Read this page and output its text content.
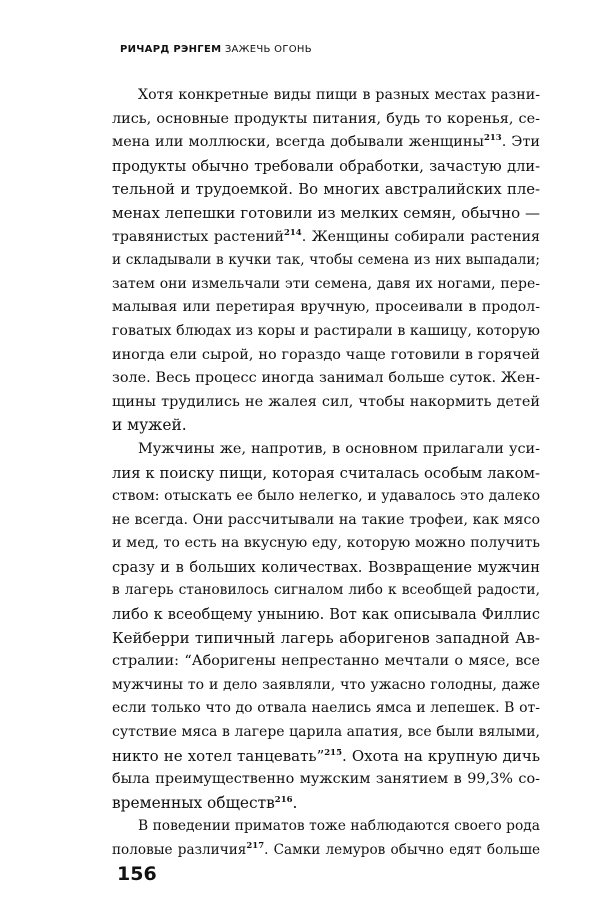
РИЧАРД РЭНГЕМ ЗАЖЕЧЬ ОГОНЬ
Хотя конкретные виды пищи в разных местах разни-
лись, основные продукты питания, будь то коренья, се-
мена или моллюски, всегда добывали женщины$^{213}$. Эти
продукты обычно требовали обработки, зачастую дли-
тельной и трудоемкой. Во многих австралийских пле-
менах лепешки готовили из мелких семян, обычно —
травянистых растений$^{214}$. Женщины собирали растения
и складывали в кучки так, чтобы семена из них выпадали;
затем они измельчали эти семена, давя их ногами, пере-
малывая или перетирая вручную, просеивали в продол-
говатых блюдах из коры и растирали в кашицу, которую
иногда ели сырой, но гораздо чаще готовили в горячей
золе. Весь процесс иногда занимал больше суток. Жен-
щины трудились не жалея сил, чтобы накормить детей
и мужей.
Мужчины же, напротив, в основном прилагали уси-
лия к поиску пищи, которая считалась особым лаком-
ством: отыскать ее было нелегко, и удавалось это далеко
не всегда. Они рассчитывали на такие трофеи, как мясо
и мед, то есть на вкусную еду, которую можно получить
сразу и в больших количествах. Возвращение мужчин
в лагерь становилось сигналом либо к всеобщей радости,
либо к всеобщему унынию. Вот как описывала Филлис
Кейберри типичный лагерь аборигенов западной Ав-
стралии: “Аборигены непрестанно мечтали о мясе, все
мужчины то и дело заявляли, что ужасно голодны, даже
если только что до отвала наелись ямса и лепешек. В от-
сутствие мяса в лагере царила апатия, все были вялыми,
никто не хотел танцевать”$^{215}$. Охота на крупную дичь
была преимущественно мужским занятием в 99,3% со-
временных обществ$^{216}$.
В поведении приматов тоже наблюдаются своего рода
половые различия$^{217}$. Самки лемуров обычно едят больше
156
